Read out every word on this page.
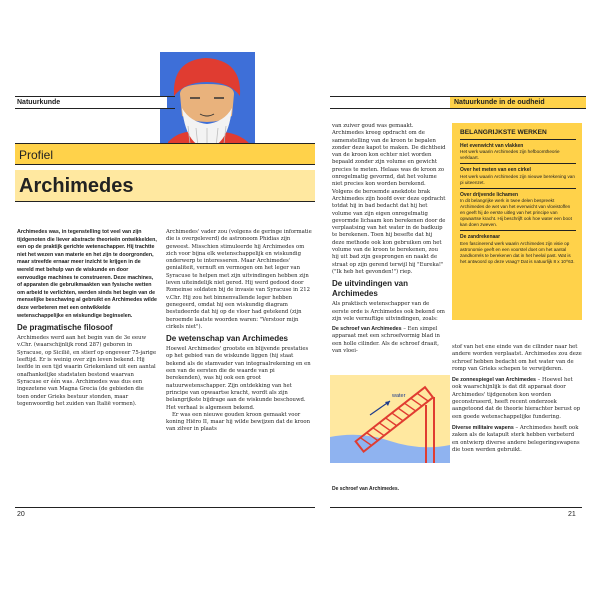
Natuurkunde	Natuurkunde in de oudheid
Profiel
Archimedes

Archimedes was, in tegenstelling tot veel van zijn tijdgenoten die liever abstracte theorieën ontwikkelden, een op de praktijk gerichte wetenschapper. Hij trachtte niet het wezen van materie en het zijn te doorgronden, maar streefde ernaar meer inzicht te krijgen in de wereld met behulp van de wiskunde en door eenvoudige machines te construeren. Deze machines, of apparaten die gebruikmaakten van fysische wetten om arbeid te verlichten, werden sinds het begin van de menselijke beschaving al gebruikt en Archimedes wilde deze verbeteren met een ontwikkelde wetenschappelijke en wiskundige beginselen.

De pragmatische filosoof

Archimedes werd aan het begin van de 3e eeuw v.Chr. (waarschijnlijk rond 287) geboren in Syracuse, op Sicilië, en stierf op ongeveer 75-jarige leeftijd. Er is weinig over zijn leven bekend. Hij leefde in een tijd waarin Griekenland uit een aantal onafhankelijke stadstaten bestond waarvan Syracuse er één was. Archimedes was dus een ingezetene van Magna Grecia (de gebieden die toen onder Grieks bestuur stonden, maar tegenwoordig het zuiden van Italië vormen).

Archimedes' vader zou (volgens de geringe informatie die is overgeleverd) de astronoom Phidias zijn geweest. Misschien stimuleerde hij Archimedes om zich voor bijna elk wetenschappelijk en wiskundig onderwerp te interesseren. Maar Archimedes' genialiteit, vernuft en vermogen om het leger van Syracuse te helpen met zijn uitvindingen hebben zijn leven uiteindelijk niet gered. Hij werd gedood door Romeinse soldaten bij de invasie van Syracuse in 212 v.Chr. Hij zou het binnenvallende leger hebben genegeerd, omdat hij een wiskundig diagram bestudeerde dat hij op de vloer had getekend (zijn beroemde laatste woorden waren: "Verstoor mijn cirkels niet").

De wetenschap van Archimedes

Hoewel Archimedes' grootste en blijvende prestaties op het gebied van de wiskunde liggen (hij staat bekend als de stamvader van integraalrekening en en een van de eersten die de waarde van pi berekenden), was hij ook een groot natuurwetenschapper. Zijn ontdekking van het principe van opwaartse kracht, wordt als zijn belangrijkste bijdrage aan de wiskunde beschouwd. Het verhaal is algemeen bekend.

Er was een nieuwe gouden kroon gemaakt voor koning Hiëro II, maar hij wilde bewijzen dat de kroon van zilver in plaats

van zuiver goud was gemaakt. Archimedes kreeg opdracht om de samenstelling van de kroon te bepalen zonder deze kapot te maken. De dichtheid van de kroon kon echter niet worden bepaald zonder zijn volume en gewicht precies te meten. Helaas was de kroon zo onregelmatig gevormd, dat het volume niet precies kon worden berekend. Volgens de beroemde anekdote brak Archimedes zijn hoofd over deze opdracht totdat hij in bad bedacht dat hij het volume van zijn eigen onregelmatig gevormde lichaam kon berekenen door de verplaatsing van het water in de badkuip te berekenen. Toen hij besefte dat hij deze methode ook kon gebruiken om het volume van de kroon te berekenen, zou hij uit bad zijn gesprongen en naakt de straat op zijn gerend terwijl hij "Eureka!" ("Ik heb het gevonden!") riep.

De uitvindingen van Archimedes

Als praktisch wetenschapper van de eerste orde is Archimedes ook bekend om zijn vele vernuftige uitvindingen, zoals:

De schroef van Archimedes – Een simpel apparaat met een schroefvormig blad in een holle cilinder. Als de schroef draait, van vloei-

BELANGRIJKSTE WERKEN
Het evenwicht van vlakken
Het werk waarin Archimedes zijn hefboomtheorie verklaart.
Over het meten van een cirkel
Het werk waarin Archimedes zijn nieuwe berekening van pi uiteenzet.
Over drijvende lichamen
In dit belangrijke werk in twee delen bespreekt Archimedes de wet van het evenwicht van vloeistoffen en geeft hij de eerste uitleg van het principe van opwaartse kracht. Hij beschrijft ook hoe water een boot kan doen zweven.
De zandrekenaar
Een fascinerend werk waarin Archimedes zijn visie op astronomie geeft en een voorstel doet om het aantal zandkorrels te berekenen dat in het heelal past. Wat is het antwoord op deze vraag? Dat is natuurlijk 8 x 10^63.

stof van het ene einde van de cilinder naar het andere worden verplaatst. Archimedes zou deze schroef hebben bedacht om het water van de romp van Grieks schepen te verwijderen.

De zonnespiegel van Archimedes – Hoewel het ook waarschijnlijk is dat dit apparaat door Archimedes' tijdgenoten kon worden geconstrueerd, heeft recent onderzoek aangetoond dat de theorie hierachter berust op een goede wetenschappelijke fundering.

Diverse militaire wapens – Archimedes heeft ook zaken als de katapult sterk hebben verbeterd en ontwierp diverse andere belegeringswapens die toen werden gebruikt.

water
De schroef van Archimedes.
20	21
